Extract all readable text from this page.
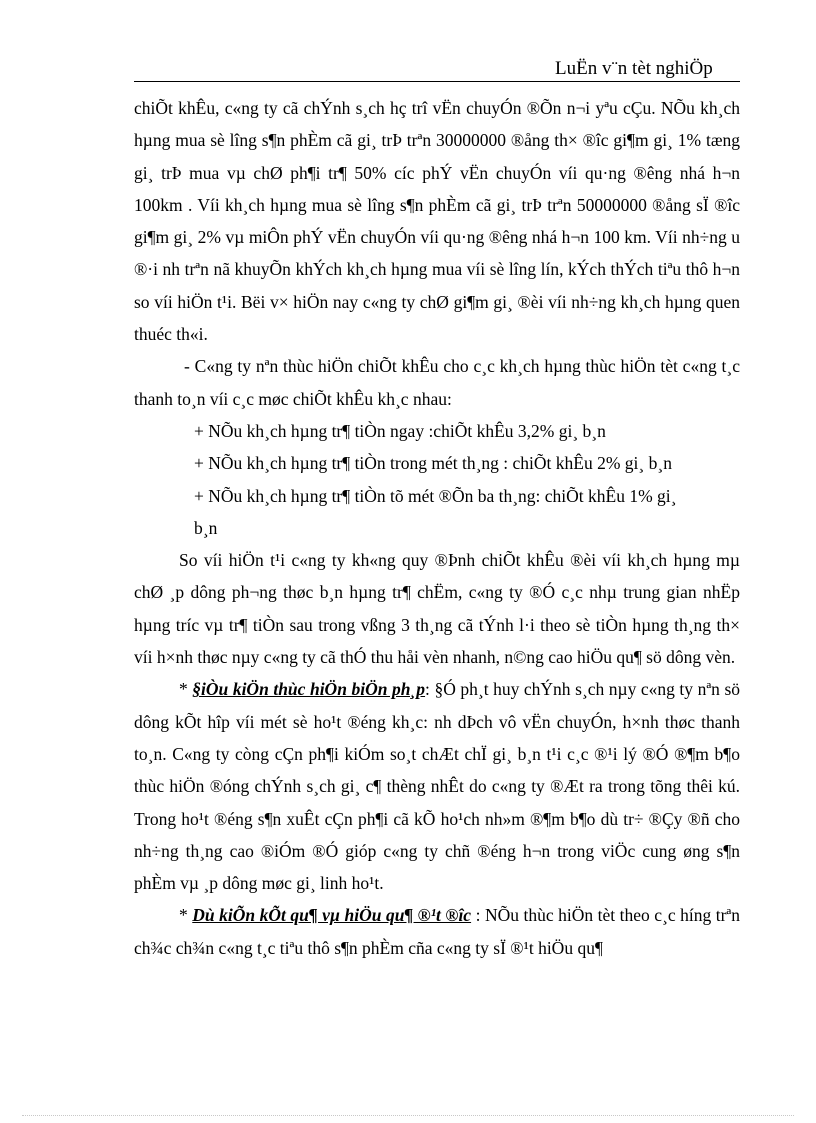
LuËn v¨n tèt nghiÖp

chiÕt khÊu, c«ng ty cã chÝnh s¸ch hç trî vËn chuyÓn ®Õn n¬i yªu cÇu. NÕu kh¸ch hµng mua sè lîng s¶n phÈm cã gi¸ trÞ trªn 30000000 ®ång th× ®îc gi¶m gi¸ 1% tæng gi¸ trÞ mua vµ chØ ph¶i tr¶ 50% cíc phÝ vËn chuyÓn víi qu·ng ®êng nhá h¬n 100km . Víi kh¸ch hµng mua sè lîng s¶n phÈm cã gi¸ trÞ trªn 50000000 ®ång sÏ ®îc gi¶m gi¸ 2% vµ miÔn phÝ vËn chuyÓn víi qu·ng ®êng nhá h¬n 100 km. Víi nh÷ng u ®·i nh trªn nã khuyÕn khÝch kh¸ch hµng mua víi sè lîng lín, kÝch thÝch tiªu thô h¬n so víi hiÖn t¹i. Bëi v× hiÖn nay c«ng ty chØ gi¶m gi¸ ®èi víi nh÷ng kh¸ch hµng quen thuéc th«i.

- C«ng ty nªn thùc hiÖn chiÕt khÊu cho c¸c kh¸ch hµng thùc hiÖn tèt c«ng t¸c thanh to¸n víi c¸c møc chiÕt khÊu kh¸c nhau:

+ NÕu kh¸ch hµng tr¶ tiÒn ngay :chiÕt khÊu 3,2% gi¸ b¸n

+ NÕu kh¸ch hµng tr¶ tiÒn trong mét th¸ng : chiÕt khÊu 2% gi¸ b¸n

+ NÕu kh¸ch hµng tr¶ tiÒn tõ mét ®Õn ba th¸ng: chiÕt khÊu 1% gi¸
b¸n

So víi hiÖn t¹i c«ng ty kh«ng quy ®Þnh chiÕt khÊu ®èi víi kh¸ch hµng mµ chØ ¸p dông ph¬ng thøc b¸n hµng tr¶ chËm, c«ng ty ®Ó c¸c nhµ trung gian nhËp hµng tríc vµ tr¶ tiÒn sau trong vßng 3 th¸ng cã tÝnh l·i theo sè tiÒn hµng th¸ng th× víi h×nh thøc nµy c«ng ty cã thÓ thu håi vèn nhanh, n©ng cao hiÖu qu¶ sö dông vèn.

* §iÒu kiÖn thùc hiÖn biÖn ph¸p: §Ó ph¸t huy chÝnh s¸ch nµy c«ng ty nªn sö dông kÕt hîp víi mét sè ho¹t ®éng kh¸c: nh dÞch vô vËn chuyÓn, h×nh thøc thanh to¸n. C«ng ty còng cÇn ph¶i kiÓm so¸t chÆt chÏ gi¸ b¸n t¹i c¸c ®¹i lý ®Ó ®¶m b¶o thùc hiÖn ®óng chÝnh s¸ch gi¸ c¶ thèng nhÊt do c«ng ty ®Æt ra trong tõng thêi kú. Trong ho¹t ®éng s¶n xuÊt cÇn ph¶i cã kÕ ho¹ch nh»m ®¶m b¶o dù tr÷ ®Çy ®ñ cho nh÷ng th¸ng cao ®iÓm ®Ó gióp c«ng ty chñ ®éng h¬n trong viÖc cung øng s¶n phÈm vµ ¸p dông møc gi¸ linh ho¹t.

* Dù kiÕn kÕt qu¶ vµ hiÖu qu¶ ®¹t ®îc : NÕu thùc hiÖn tèt theo c¸c híng trªn ch¾c ch¾n c«ng t¸c tiªu thô s¶n phÈm cña c«ng ty sÏ ®¹t hiÖu qu¶
